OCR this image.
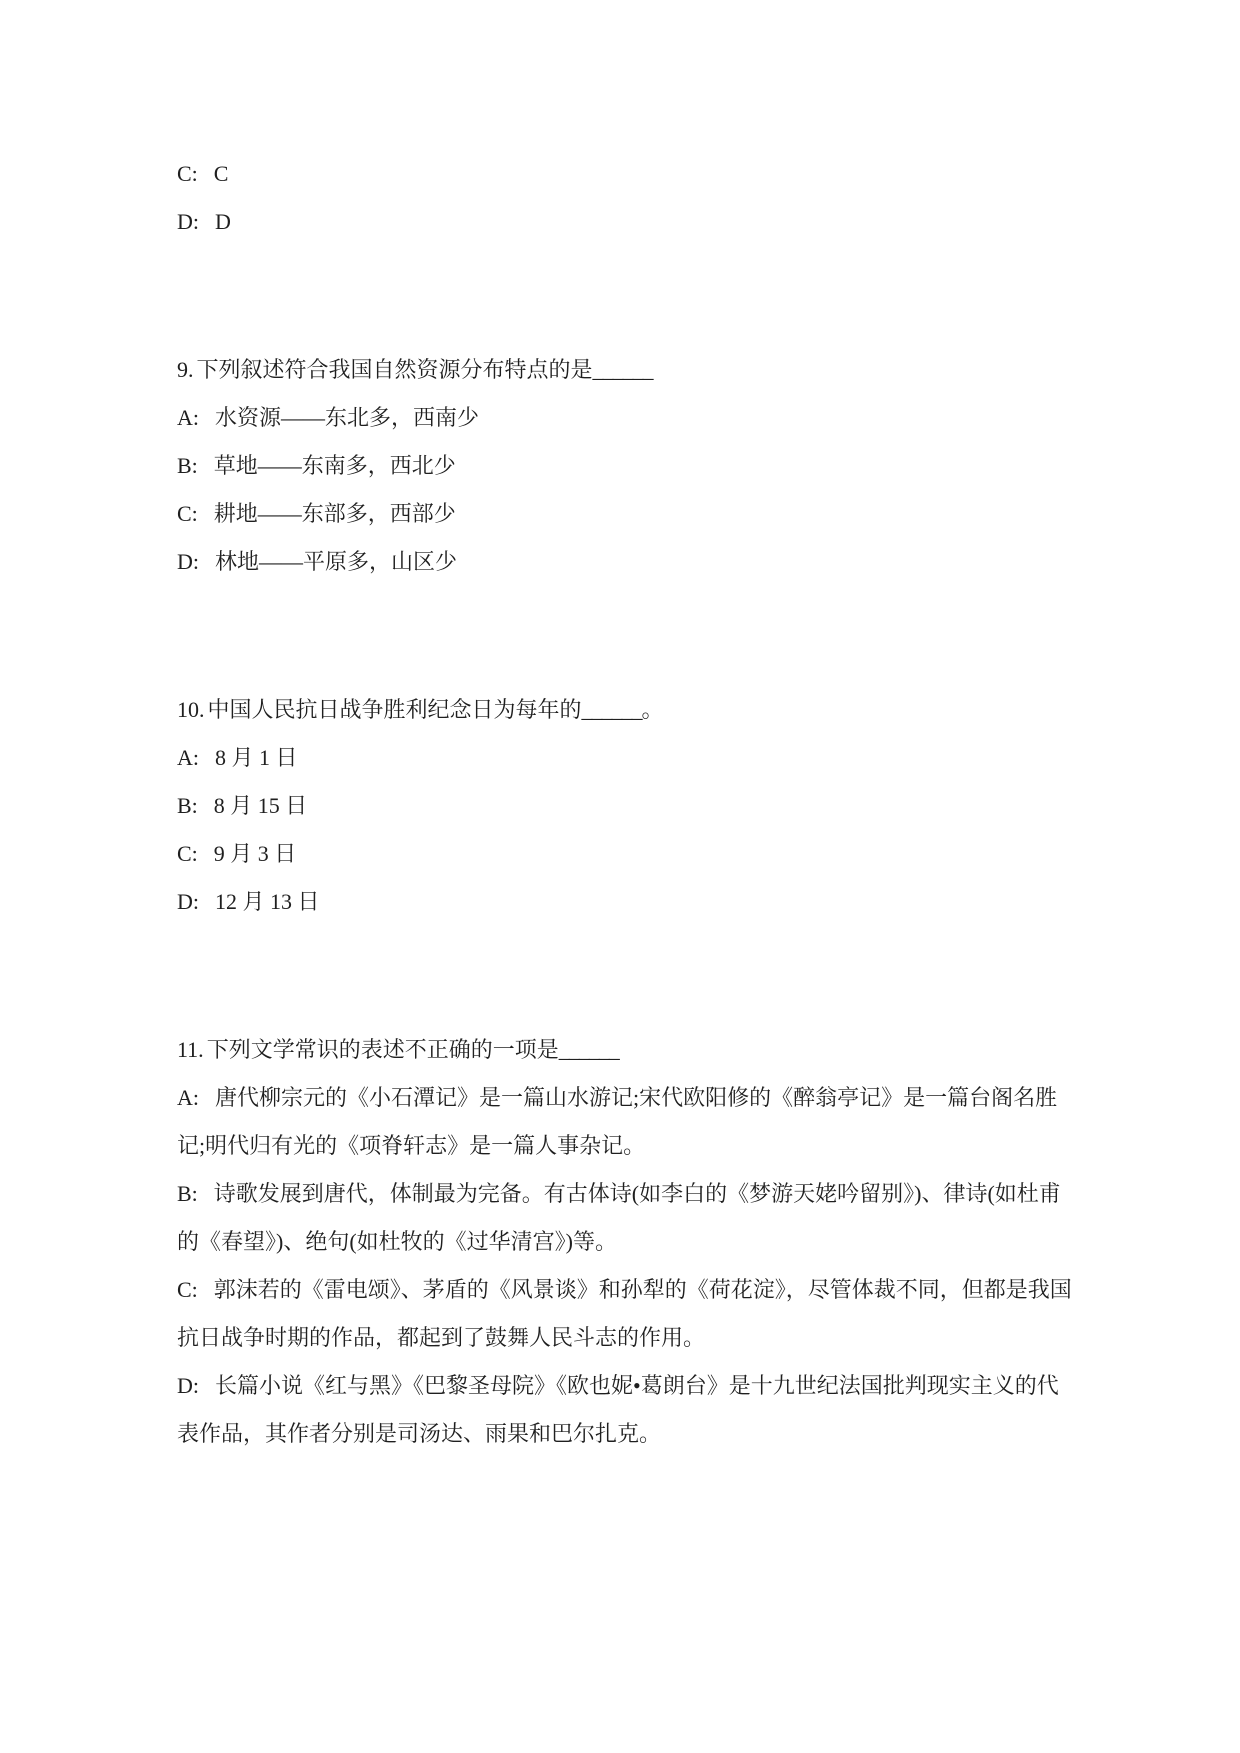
C: C

D: D

9. 下列叙述符合我国自然资源分布特点的是______

A: 水资源——东北多，西南少

B: 草地——东南多，西北少

C: 耕地——东部多，西部少

D: 林地——平原多，山区少

10. 中国人民抗日战争胜利纪念日为每年的______。

A: 8 月 1 日

B: 8 月 15 日

C: 9 月 3 日

D: 12 月 13 日

11. 下列文学常识的表述不正确的一项是______

A: 唐代柳宗元的《小石潭记》是一篇山水游记;宋代欧阳修的《醉翁亭记》是一篇台阁名胜记;明代归有光的《项脊轩志》是一篇人事杂记。

B: 诗歌发展到唐代，体制最为完备。有古体诗(如李白的《梦游天姥吟留别》)、律诗(如杜甫的《春望》)、绝句(如杜牧的《过华清宫》)等。

C: 郭沫若的《雷电颂》、茅盾的《风景谈》和孙犁的《荷花淀》，尽管体裁不同，但都是我国抗日战争时期的作品，都起到了鼓舞人民斗志的作用。

D: 长篇小说《红与黑》《巴黎圣母院》《欧也妮•葛朗台》是十九世纪法国批判现实主义的代表作品，其作者分别是司汤达、雨果和巴尔扎克。
